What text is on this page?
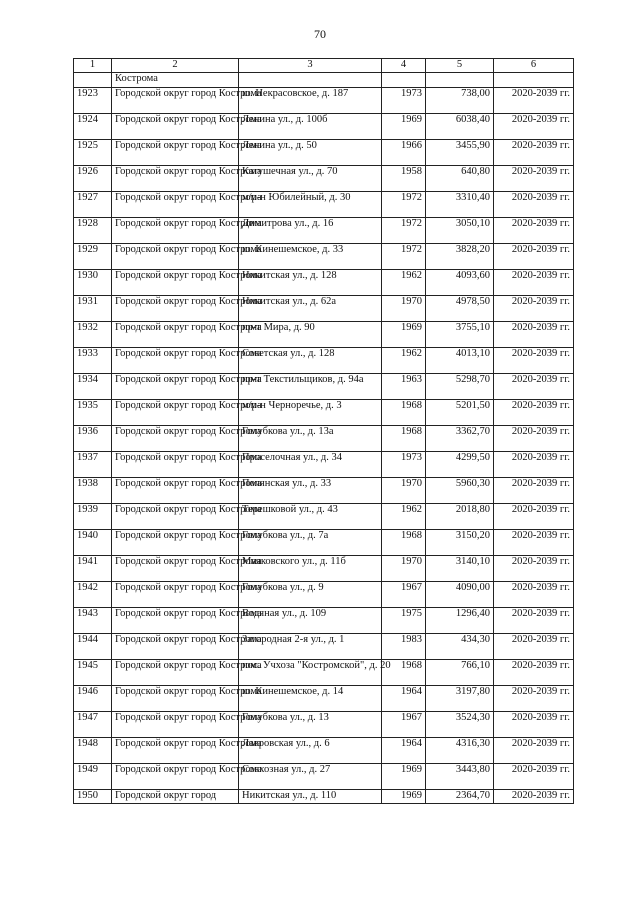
70
1	2	3	4	5	6
	Кострома				
1923	Городской округ город Кострома	ш. Некрасовское, д. 187	1973	738,00	2020-2039 гг.
1924	Городской округ город Кострома	Ленина ул., д. 100б	1969	6038,40	2020-2039 гг.
1925	Городской округ город Кострома	Ленина ул., д. 50	1966	3455,90	2020-2039 гг.
1926	Городской округ город Кострома	Катушечная ул., д. 70	1958	640,80	2020-2039 гг.
1927	Городской округ город Кострома	м/р-н Юбилейный, д. 30	1972	3310,40	2020-2039 гг.
1928	Городской округ город Кострома	Димитрова ул., д. 16	1972	3050,10	2020-2039 гг.
1929	Городской округ город Кострома	ш. Кинешемское, д. 33	1972	3828,20	2020-2039 гг.
1930	Городской округ город Кострома	Никитская ул., д. 128	1962	4093,60	2020-2039 гг.
1931	Городской округ город Кострома	Никитская ул., д. 62а	1970	4978,50	2020-2039 гг.
1932	Городской округ город Кострома	пр-т Мира, д. 90	1969	3755,10	2020-2039 гг.
1933	Городской округ город Кострома	Советская ул., д. 128	1962	4013,10	2020-2039 гг.
1934	Городской округ город Кострома	пр-т Текстильщиков, д. 94а	1963	5298,70	2020-2039 гг.
1935	Городской округ город Кострома	м/р-н Черноречье, д. 3	1968	5201,50	2020-2039 гг.
1936	Городской округ город Кострома	Голубкова ул., д. 13а	1968	3362,70	2020-2039 гг.
1937	Городской округ город Кострома	Проселочная ул., д. 34	1973	4299,50	2020-2039 гг.
1938	Городской округ город Кострома	Полянская ул., д. 33	1970	5960,30	2020-2039 гг.
1939	Городской округ город Кострома	Терешковой ул., д. 43	1962	2018,80	2020-2039 гг.
1940	Городской округ город Кострома	Голубкова ул., д. 7а	1968	3150,20	2020-2039 гг.
1941	Городской округ город Кострома	Маяковского ул., д. 11б	1970	3140,10	2020-2039 гг.
1942	Городской округ город Кострома	Голубкова ул., д. 9	1967	4090,00	2020-2039 гг.
1943	Городской округ город Кострома	Водяная ул., д. 109	1975	1296,40	2020-2039 гг.
1944	Городской округ город Кострома	Загородная 2-я ул., д. 1	1983	434,30	2020-2039 гг.
1945	Городской округ город Кострома	пос. Учхоза "Костромской", д. 20	1968	766,10	2020-2039 гг.
1946	Городской округ город Кострома	ш. Кинешемское, д. 14	1964	3197,80	2020-2039 гг.
1947	Городской округ город Кострома	Голубкова ул., д. 13	1967	3524,30	2020-2039 гг.
1948	Городской округ город Кострома	Лавровская ул., д. 6	1964	4316,30	2020-2039 гг.
1949	Городской округ город Кострома	Совхозная ул., д. 27	1969	3443,80	2020-2039 гг.
1950	Городской округ город	Никитская ул., д. 110	1969	2364,70	2020-2039 гг.
